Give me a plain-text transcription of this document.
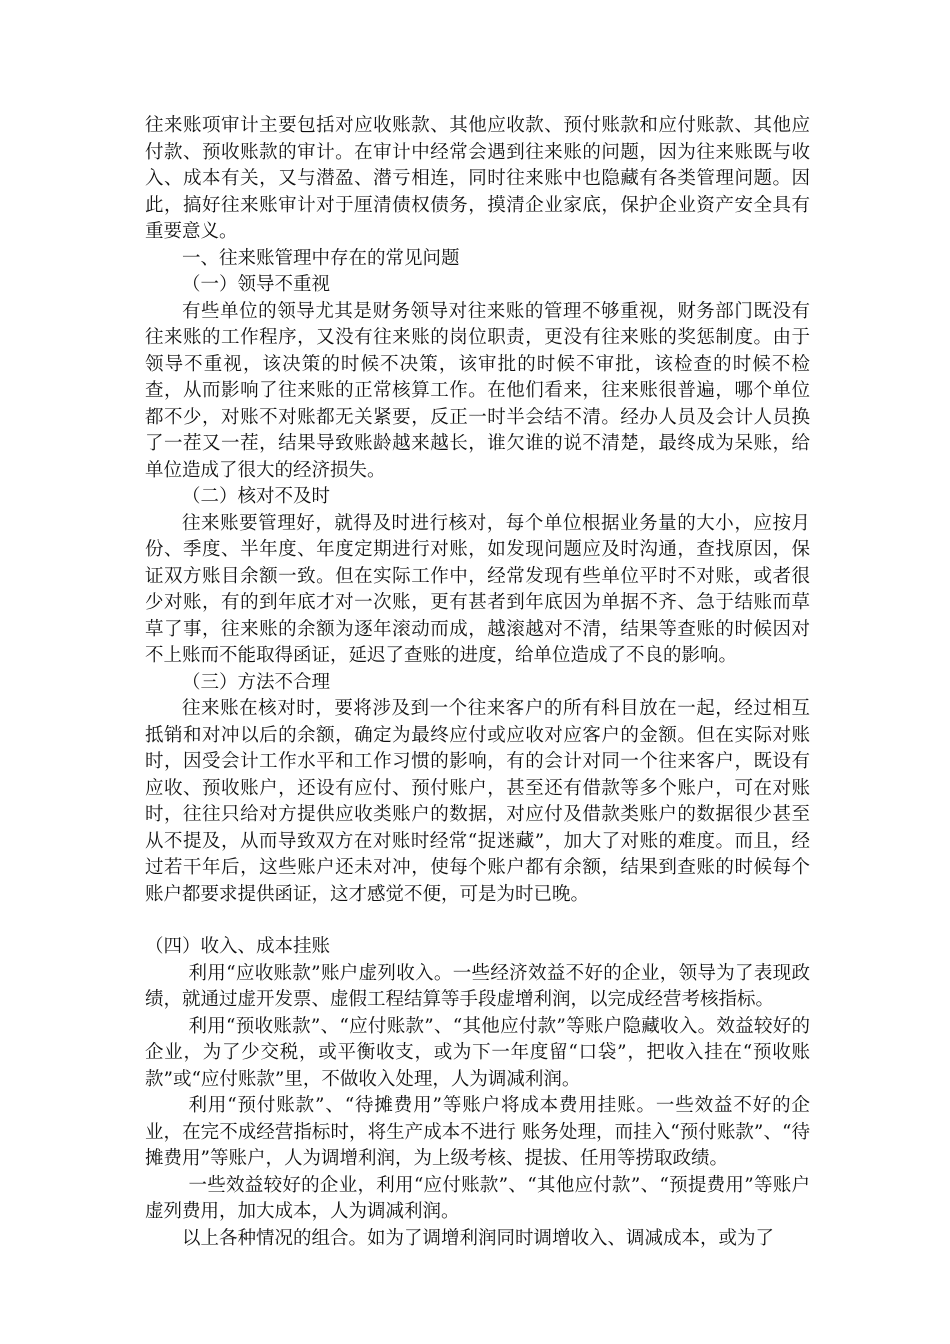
往来账项审计主要包括对应收账款、其他应收款、预付账款和应付账款、其他应付款、预收账款的审计。在审计中经常会遇到往来账的问题，因为往来账既与收入、成本有关，又与潜盈、潜亏相连，同时往来账中也隐藏有各类管理问题。因此，搞好往来账审计对于厘清债权债务，摸清企业家底，保护企业资产安全具有重要意义。

一、往来账管理中存在的常见问题

（一）领导不重视

有些单位的领导尤其是财务领导对往来账的管理不够重视，财务部门既没有往来账的工作程序，又没有往来账的岗位职责，更没有往来账的奖惩制度。由于领导不重视，该决策的时候不决策，该审批的时候不审批，该检查的时候不检查，从而影响了往来账的正常核算工作。在他们看来，往来账很普遍，哪个单位都不少，对账不对账都无关紧要，反正一时半会结不清。经办人员及会计人员换了一茬又一茬，结果导致账龄越来越长，谁欠谁的说不清楚，最终成为呆账，给单位造成了很大的经济损失。

（二）核对不及时

往来账要管理好，就得及时进行核对，每个单位根据业务量的大小，应按月份、季度、半年度、年度定期进行对账，如发现问题应及时沟通，查找原因，保证双方账目余额一致。但在实际工作中，经常发现有些单位平时不对账，或者很少对账，有的到年底才对一次账，更有甚者到年底因为单据不齐、急于结账而草草了事，往来账的余额为逐年滚动而成，越滚越对不清，结果等查账的时候因对不上账而不能取得函证，延迟了查账的进度，给单位造成了不良的影响。

（三）方法不合理

往来账在核对时，要将涉及到一个往来客户的所有科目放在一起，经过相互抵销和对冲以后的余额，确定为最终应付或应收对应客户的金额。但在实际对账时，因受会计工作水平和工作习惯的影响，有的会计对同一个往来客户，既设有应收、预收账户，还设有应付、预付账户，甚至还有借款等多个账户，可在对账时，往往只给对方提供应收类账户的数据，对应付及借款类账户的数据很少甚至从不提及，从而导致双方在对账时经常“捉迷藏”，加大了对账的难度。而且，经过若干年后，这些账户还未对冲，使每个账户都有余额，结果到查账的时候每个账户都要求提供函证，这才感觉不便，可是为时已晚。

（四）收入、成本挂账

利用“应收账款”账户虚列收入。一些经济效益不好的企业，领导为了表现政绩，就通过虚开发票、虚假工程结算等手段虚增利润，以完成经营考核指标。

利用“预收账款”、“应付账款”、“其他应付款”等账户隐藏收入。效益较好的企业，为了少交税，或平衡收支，或为下一年度留“口袋”，把收入挂在“预收账款”或“应付账款”里，不做收入处理，人为调减利润。

利用“预付账款”、“待摊费用”等账户将成本费用挂账。一些效益不好的企业，在完不成经营指标时，将生产成本不进行 账务处理，而挂入“预付账款”、“待摊费用”等账户，人为调增利润，为上级考核、提拔、任用等捞取政绩。

一些效益较好的企业，利用“应付账款”、“其他应付款”、“预提费用”等账户虚列费用，加大成本，人为调减利润。

以上各种情况的组合。如为了调增利润同时调增收入、调减成本，或为了
